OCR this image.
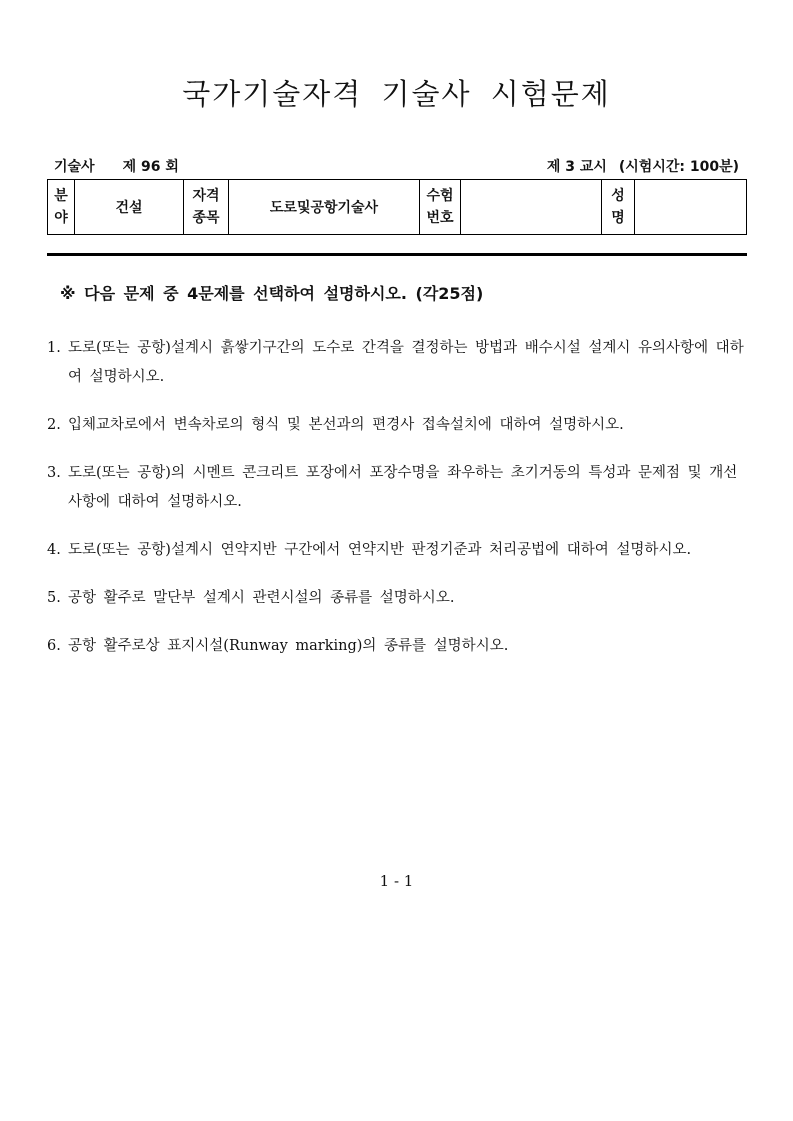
국가기술자격 기술사 시험문제
기술사 제 96 회	제 3 교시 (시험시간: 100분)
분야	건설	자격종목	도로및공항기술사	수험번호		성명	
※ 다음 문제 중 4문제를 선택하여 설명하시오. (각25점)
1. 도로(또는 공항)설계시 흙쌓기구간의 도수로 간격을 결정하는 방법과 배수시설 설계시 유의사항에 대하여 설명하시오.
2. 입체교차로에서 변속차로의 형식 및 본선과의 편경사 접속설치에 대하여 설명하시오.
3. 도로(또는 공항)의 시멘트 콘크리트 포장에서 포장수명을 좌우하는 초기거동의 특성과 문제점 및 개선사항에 대하여 설명하시오.
4. 도로(또는 공항)설계시 연약지반 구간에서 연약지반 판정기준과 처리공법에 대하여 설명하시오.
5. 공항 활주로 말단부 설계시 관련시설의 종류를 설명하시오.
6. 공항 활주로상 표지시설(Runway marking)의 종류를 설명하시오.
1 - 1
